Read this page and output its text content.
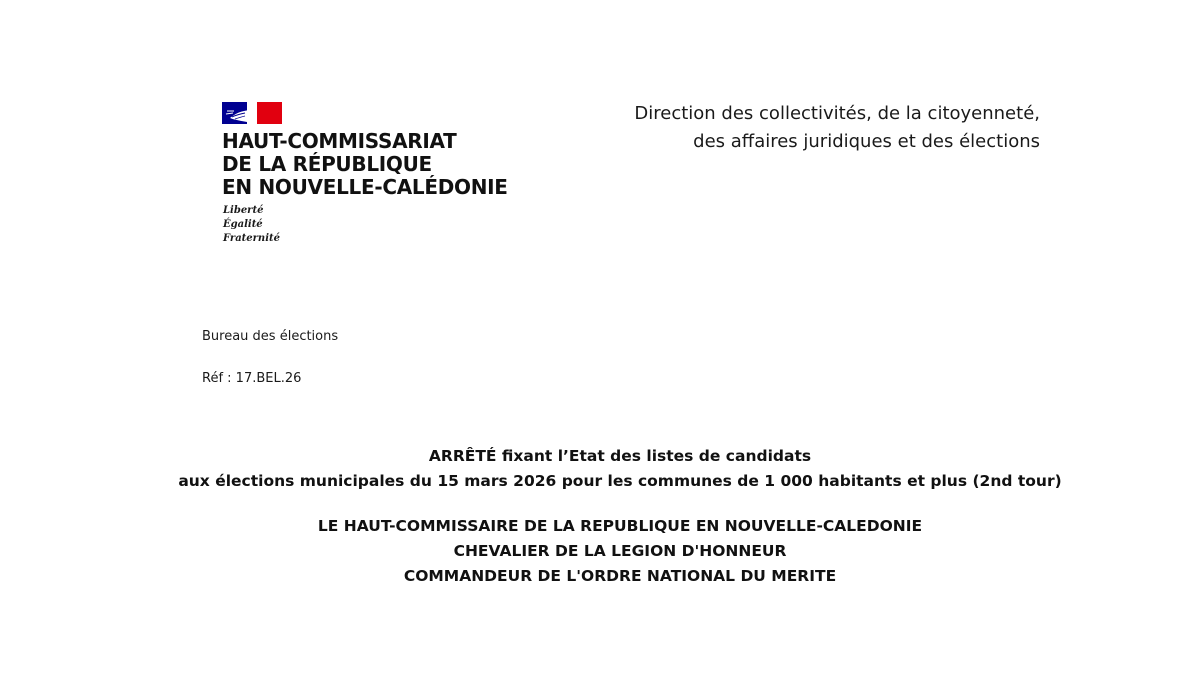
HAUT-COMMISSARIAT
DE LA RÉPUBLIQUE
EN NOUVELLE-CALÉDONIE
Liberté
Égalité
Fraternité
Direction des collectivités, de la citoyenneté,
des affaires juridiques et des élections
Bureau des élections
Réf : 17.BEL.26
ARRÊTÉ fixant l’Etat des listes de candidats
aux élections municipales du 15 mars 2026 pour les communes de 1 000 habitants et plus (2nd tour)
LE HAUT-COMMISSAIRE DE LA REPUBLIQUE EN NOUVELLE-CALEDONIE
CHEVALIER DE LA LEGION D'HONNEUR
COMMANDEUR DE L'ORDRE NATIONAL DU MERITE
